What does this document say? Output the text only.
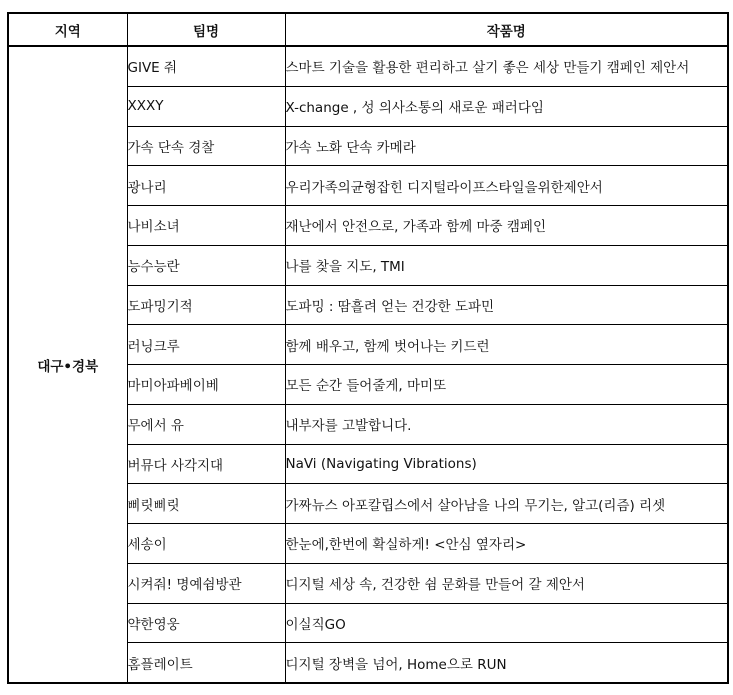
지역	팀명	작품명
대구•경북	GIVE 줘	스마트 기술을 활용한 편리하고 살기 좋은 세상 만들기 캠페인 제안서
	XXXY	X-change , 성 의사소통의 새로운 패러다임
	가속 단속 경찰	가속 노화 단속 카메라
	광나리	우리가족의균형잡힌 디지털라이프스타일을위한제안서
	나비소녀	재난에서 안전으로, 가족과 함께 마중 캠페인
	능수능란	나를 찾을 지도, TMI
	도파밍기적	도파밍 : 땀흘려 얻는 건강한 도파민
	러닝크루	함께 배우고, 함께 벗어나는 키드런
	마미아파베이베	모든 순간 들어줄게, 마미또
	무에서 유	내부자를 고발합니다.
	버뮤다 사각지대	NaVi (Navigating Vibrations)
	삐릿삐릿	가짜뉴스 아포칼립스에서 살아남을 나의 무기는, 알고(리즘) 리셋
	세송이	한눈에,한번에 확실하게! <안심 옆자리>
	시켜줘! 명예쉼방관	디지털 세상 속, 건강한 쉼 문화를 만들어 갈 제안서
	약한영웅	이실직GO
	홈플레이트	디지털 장벽을 넘어, Home으로 RUN
